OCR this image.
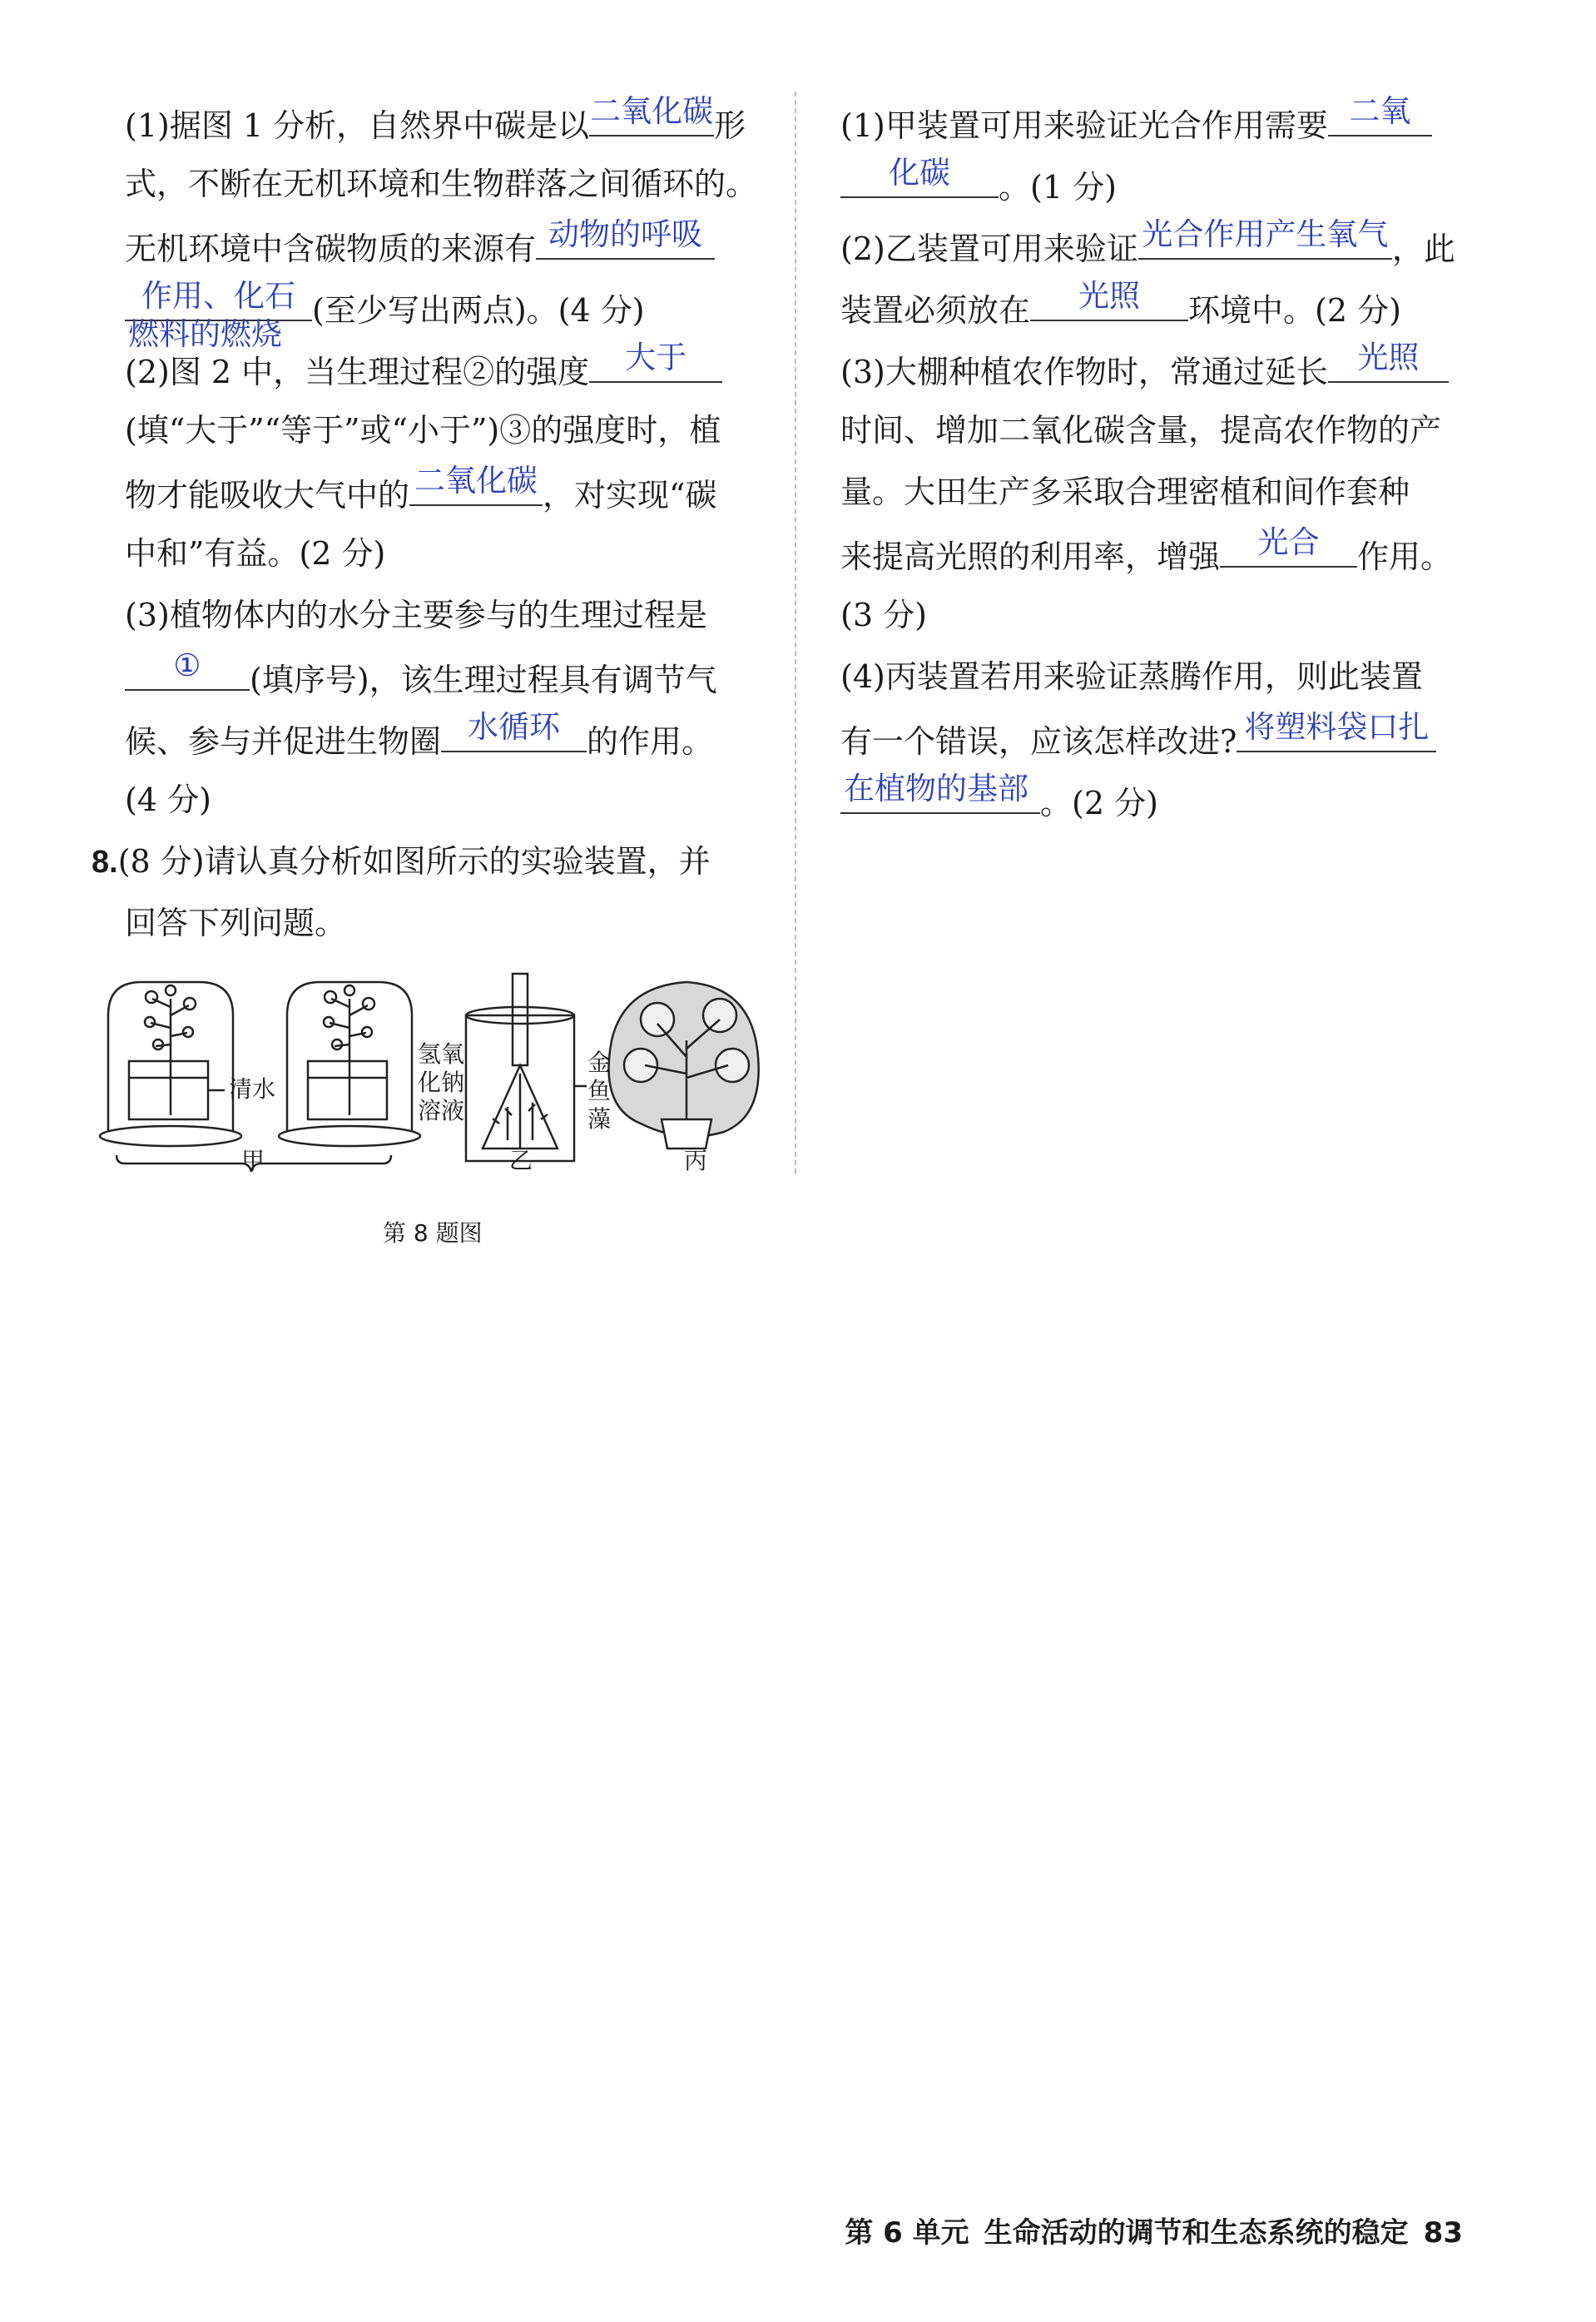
(1)据图 1 分析，自然界中碳是以 二氧化碳 形
式，不断在无机环境和生物群落之间循环的。
无机环境中含碳物质的来源有 动物的呼吸
作用、化石
燃料的燃烧
(至少写出两点)。(4 分)
(2)图 2 中，当生理过程②的强度	大于
(填“大于”“等于”或“小于”)③的强度时，植
物才能吸收大气中的 二氧化碳 ，对实现“碳
中和”有益。(2 分)
(3)植物体内的水分主要参与的生理过程是
①	(填序号)，该生理过程具有调节气
候、参与并促进生物圈 水循环 的作用。
(4 分)
8.(8 分)请认真分析如图所示的实验装置，并
回答下列问题。
清水
氢氧
化钠
溶液
金
鱼
藻
甲	乙	丙
第 8 题图
(1)甲装置可用来验证光合作用需要 二氧
化碳	。(1 分)
(2)乙装置可用来验证 光合作用产生氧气 ，此
装置必须放在	光照	环境中。(2 分)
(3)大棚种植农作物时，常通过延长 光照
时间、增加二氧化碳含量，提高农作物的产
量。大田生产多采取合理密植和间作套种
来提高光照的利用率，增强	光合	作用。
(3 分)
(4)丙装置若用来验证蒸腾作用，则此装置
有一个错误，应该怎样改进? 将塑料袋口扎
在植物的基部 。(2 分)
第 6 单元 生命活动的调节和生态系统的稳定 83
